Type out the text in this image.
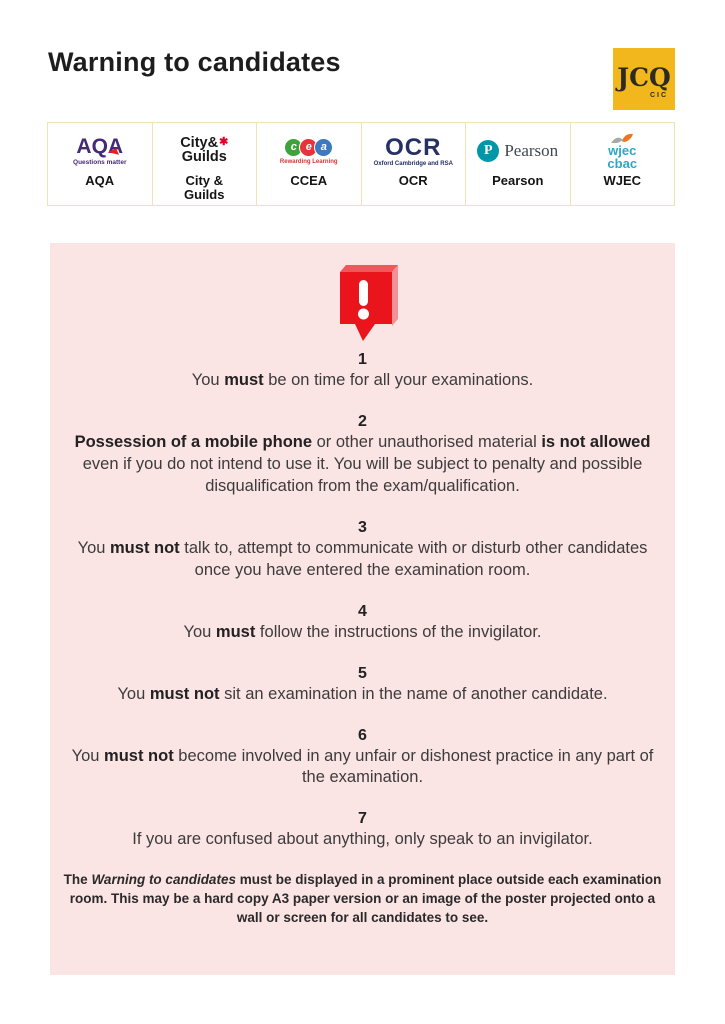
Warning to candidates
JCQ
CIC
AQA
Questions matter
AQA
City& ✱
Guilds
City & Guilds
c e a
Rewarding Learning
CCEA
OCR
Oxford Cambridge and RSA
OCR
P Pearson
Pearson
wjec
cbac
WJEC
1
You must be on time for all your examinations.
2
Possession of a mobile phone or other unauthorised material is not allowed even if you do not intend to use it. You will be subject to penalty and possible disqualification from the exam/qualification.
3
You must not talk to, attempt to communicate with or disturb other candidates once you have entered the examination room.
4
You must follow the instructions of the invigilator.
5
You must not sit an examination in the name of another candidate.
6
You must not become involved in any unfair or dishonest practice in any part of the examination.
7
If you are confused about anything, only speak to an invigilator.

The Warning to candidates must be displayed in a prominent place outside each examination room. This may be a hard copy A3 paper version or an image of the poster projected onto a wall or screen for all candidates to see.
